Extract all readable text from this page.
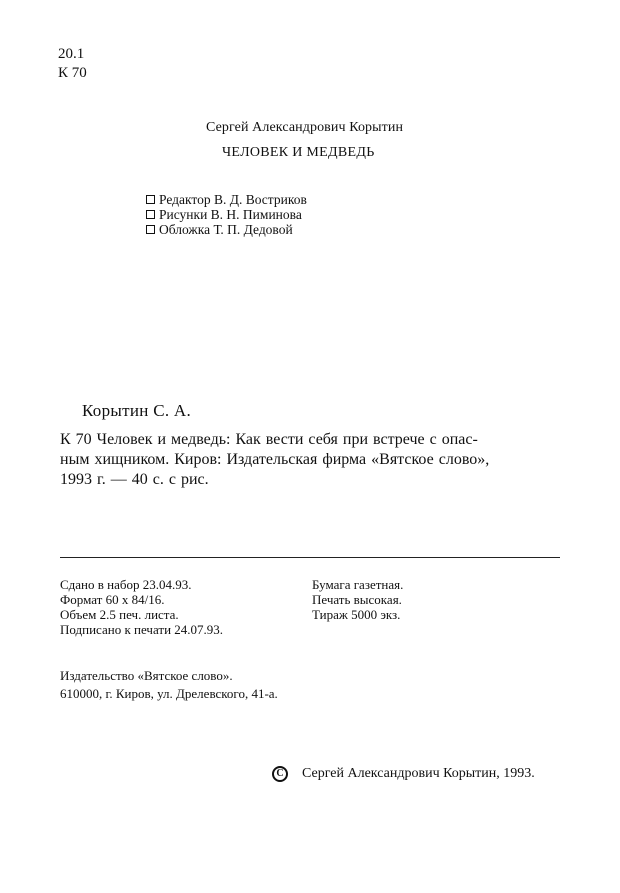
20.1
К 70
Сергей Александрович Корытин
ЧЕЛОВЕК И МЕДВЕДЬ
Редактор В. Д. Востриков
Рисунки В. Н. Пиминова
Обложка Т. П. Дедовой
Корытин С. А.
К 70 Человек и медведь: Как вести себя при встрече с опас-
ным хищником. Киров: Издательская фирма «Вятское слово»,
1993 г. — 40 с. с рис.
Сдано в набор 23.04.93.
Формат 60 х 84/16.
Объем 2.5 печ. листа.
Подписано к печати 24.07.93.
Бумага газетная.
Печать высокая.
Тираж 5000 экз.
Издательство «Вятское слово».
610000, г. Киров, ул. Дрелевского, 41-а.
C	Сергей Александрович Корытин, 1993.
